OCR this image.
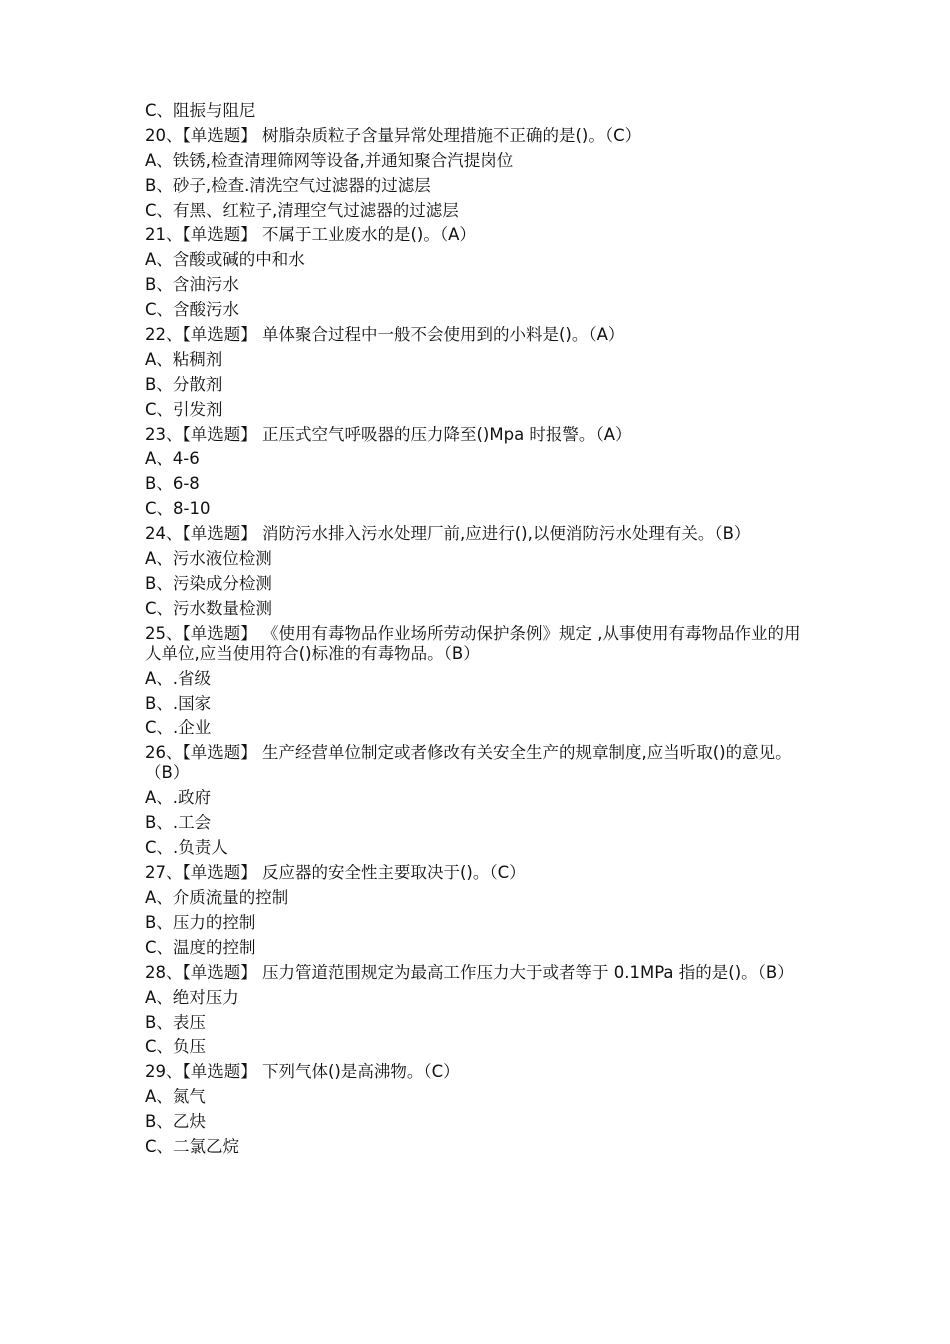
C、阻振与阻尼
20、【单选题】 树脂杂质粒子含量异常处理措施不正确的是()。（C）
A、铁锈,检查清理筛网等设备,并通知聚合汽提岗位
B、砂子,检查.清洗空气过滤器的过滤层
C、有黑、红粒子,清理空气过滤器的过滤层
21、【单选题】 不属于工业废水的是()。（A）
A、含酸或碱的中和水
B、含油污水
C、含酸污水
22、【单选题】 单体聚合过程中一般不会使用到的小料是()。（A）
A、粘稠剂
B、分散剂
C、引发剂
23、【单选题】 正压式空气呼吸器的压力降至()Mpa 时报警。（A）
A、4-6
B、6-8
C、8-10
24、【单选题】 消防污水排入污水处理厂前,应进行(),以便消防污水处理有关。（B）
A、污水液位检测
B、污染成分检测
C、污水数量检测
25、【单选题】 《使用有毒物品作业场所劳动保护条例》规定 ,从事使用有毒物品作业的用人单位,应当使用符合()标准的有毒物品。（B）
A、.省级
B、.国家
C、.企业
26、【单选题】 生产经营单位制定或者修改有关安全生产的规章制度,应当听取()的意见。（B）
A、.政府
B、.工会
C、.负责人
27、【单选题】 反应器的安全性主要取决于()。（C）
A、介质流量的控制
B、压力的控制
C、温度的控制
28、【单选题】 压力管道范围规定为最高工作压力大于或者等于 0.1MPa 指的是()。（B）
A、绝对压力
B、表压
C、负压
29、【单选题】 下列气体()是高沸物。（C）
A、氮气
B、乙炔
C、二氯乙烷
